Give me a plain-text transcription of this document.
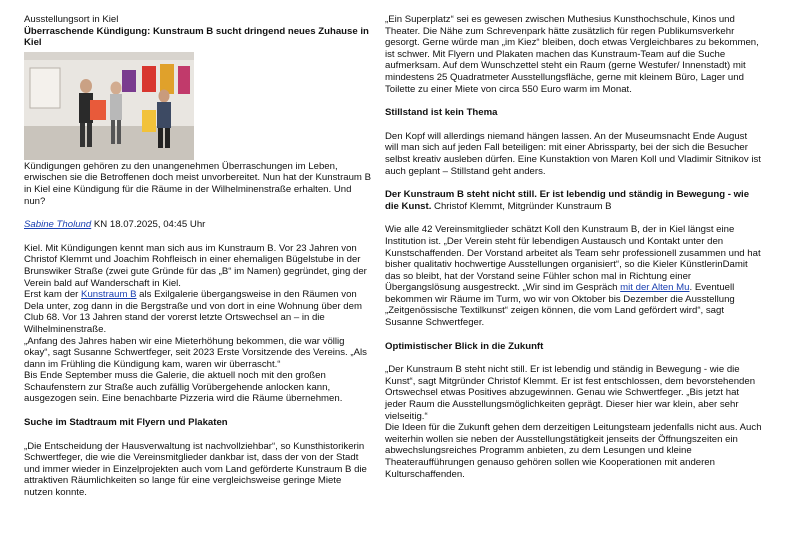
Ausstellungsort in Kiel

Überraschende Kündigung: Kunstraum B sucht dringend neues Zuhause in Kiel

Kündigungen gehören zu den unangenehmen Überraschungen im Leben, erwischen sie die Betroffenen doch meist unvorbereitet. Nun hat der Kunstraum B in Kiel eine Kündigung für die Räume in der Wilhelminenstraße erhalten. Und nun?

Sabine Tholund KN 18.07.2025, 04:45 Uhr

Kiel. Mit Kündigungen kennt man sich aus im Kunstraum B. Vor 23 Jahren von Christof Klemmt und Joachim Rohfleisch in einer ehemaligen Bügelstube in der Brunswiker Straße (zwei gute Gründe für das „B“ im Namen) gegründet, ging der Verein bald auf Wanderschaft in Kiel.
Erst kam der Kunstraum B als Exilgalerie übergangsweise in den Räumen von Dela unter, zog dann in die Bergstraße und von dort in eine Wohnung über dem Club 68. Vor 13 Jahren stand der vorerst letzte Ortswechsel an – in die Wilhelminenstraße.

„Anfang des Jahres haben wir eine Mieterhöhung bekommen, die war völlig okay“, sagt Susanne Schwertfeger, seit 2023 Erste Vorsitzende des Vereins. „Als dann im Frühling die Kündigung kam, waren wir überrascht.“

Bis Ende September muss die Galerie, die aktuell noch mit den großen Schaufenstern zur Straße auch zufällig Vorübergehende anlocken kann, ausgezogen sein. Eine benachbarte Pizzeria wird die Räume übernehmen.

Suche im Stadtraum mit Flyern und Plakaten

„Die Entscheidung der Hausverwaltung ist nachvollziehbar“, so Kunsthistorikerin Schwertfeger, die wie die Vereinsmitglieder dankbar ist, dass der von der Stadt und immer wieder in Einzelprojekten auch vom Land geförderte Kunstraum B die attraktiven Räumlichkeiten so lange für eine vergleichsweise geringe Miete nutzen konnte.

„Ein Superplatz“ sei es gewesen zwischen Muthesius Kunsthochschule, Kinos und Theater. Die Nähe zum Schrevenpark hätte zusätzlich für regen Publikumsverkehr gesorgt. Gerne würde man „im Kiez“ bleiben, doch etwas Vergleichbares zu bekommen, ist schwer. Mit Flyern und Plakaten machen das Kunstraum-Team auf die Suche aufmerksam. Auf dem Wunschzettel steht ein Raum (gerne Westufer/ Innenstadt) mit mindestens 25 Quadratmeter Ausstellungsfläche, gerne mit kleinem Büro, Lager und Toilette zu einer Miete von circa 550 Euro warm im Monat.

Stillstand ist kein Thema

Den Kopf will allerdings niemand hängen lassen. An der Museumsnacht Ende August will man sich auf jeden Fall beteiligen: mit einer Abrissparty, bei der sich die Besucher selbst kreativ ausleben dürfen. Eine Kunstaktion von Maren Koll und Vladimir Sitnikov ist auch geplant – Stillstand geht anders.

Der Kunstraum B steht nicht still. Er ist lebendig und ständig in Bewegung - wie die Kunst. Christof Klemmt, Mitgründer Kunstraum B

Wie alle 42 Vereinsmitglieder schätzt Koll den Kunstraum B, der in Kiel längst eine Institution ist. „Der Verein steht für lebendigen Austausch und Kontakt unter den Kunstschaffenden. Der Vorstand arbeitet als Team sehr professionell zusammen und hat bisher qualitativ hochwertige Ausstellungen organisiert“, so die Kieler KünstlerinDamit das so bleibt, hat der Vorstand seine Fühler schon mal in Richtung einer Übergangslösung ausgestreckt. „Wir sind im Gespräch mit der Alten Mu. Eventuell bekommen wir Räume im Turm, wo wir von Oktober bis Dezember die Ausstellung „Zeitgenössische Textilkunst“ zeigen können, die vom Land gefördert wird“, sagt Susanne Schwertfeger.

Optimistischer Blick in die Zukunft

„Der Kunstraum B steht nicht still. Er ist lebendig und ständig in Bewegung - wie die Kunst“, sagt Mitgründer Christof Klemmt. Er ist fest entschlossen, dem bevorstehenden Ortswechsel etwas Positives abzugewinnen. Genau wie Schwertfeger. „Bis jetzt hat jeder Raum die Ausstellungsmöglichkeiten geprägt. Dieser hier war klein, aber sehr vielseitig.“

Die Ideen für die Zukunft gehen dem derzeitigen Leitungsteam jedenfalls nicht aus. Auch weiterhin wollen sie neben der Ausstellungstätigkeit jenseits der Öffnungszeiten ein abwechslungsreiches Programm anbieten, zu dem Lesungen und kleine Theateraufführungen genauso gehören sollen wie Kooperationen mit anderen Kulturschaffenden.
